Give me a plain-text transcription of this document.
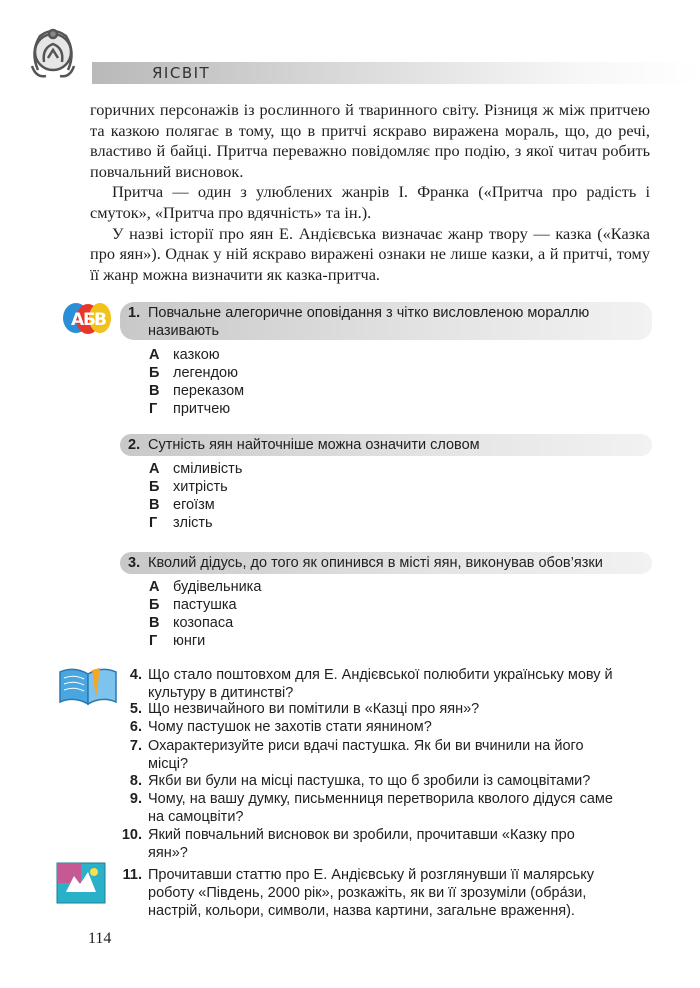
ЯІСВІТ

горичних персонажів із рослинного й тваринного світу. Різниця ж між притчею та казкою полягає в тому, що в притчі яскраво виражена мораль, що, до речі, властиво й байці. Притча переважно повідомляє про подію, з якої читач робить повчальний висновок.

Притча — один з улюблених жанрів І. Франка («Притча про радість і смуток», «Притча про вдячність» та ін.).

У назві історії про яян Е. Андієвська визначає жанр твору — казка («Казка про яян»). Однак у ній яскраво виражені ознаки не лише казки, а й притчі, тому її жанр можна визначити як казка-притча.

А
Б
В 1. Повчальне алегоричне оповідання з чітко висловленою мораллю називають
А казкою
Б легендою
В переказом
Г притчею
2. Сутність яян найточніше можна означити словом
А сміливість
Б хитрість
В егоїзм
Г злість
3. Кволий дідусь, до того як опинився в місті яян, виконував обов’язки
А будівельника
Б пастушка
В козопаса
Г юнги
4. Що стало поштовхом для Е. Андієвської полюбити українську мову й культуру в дитинстві?
5. Що незвичайного ви помітили в «Казці про яян»?
6. Чому пастушок не захотів стати яянином?
7. Охарактеризуйте риси вдачі пастушка. Як би ви вчинили на його місці?
8. Якби ви були на місці пастушка, то що б зробили із самоцвітами?
9. Чому, на вашу думку, письменниця перетворила кволого дідуся саме на самоцвіти?
10. Який повчальний висновок ви зробили, прочитавши «Казку про яян»?
11. Прочитавши статтю про Е. Андієвську й розглянувши її малярську роботу «Південь, 2000 рік», розкажіть, як ви її зрозуміли (обра́зи, настрій, кольори, символи, назва картини, загальне враження).
114
